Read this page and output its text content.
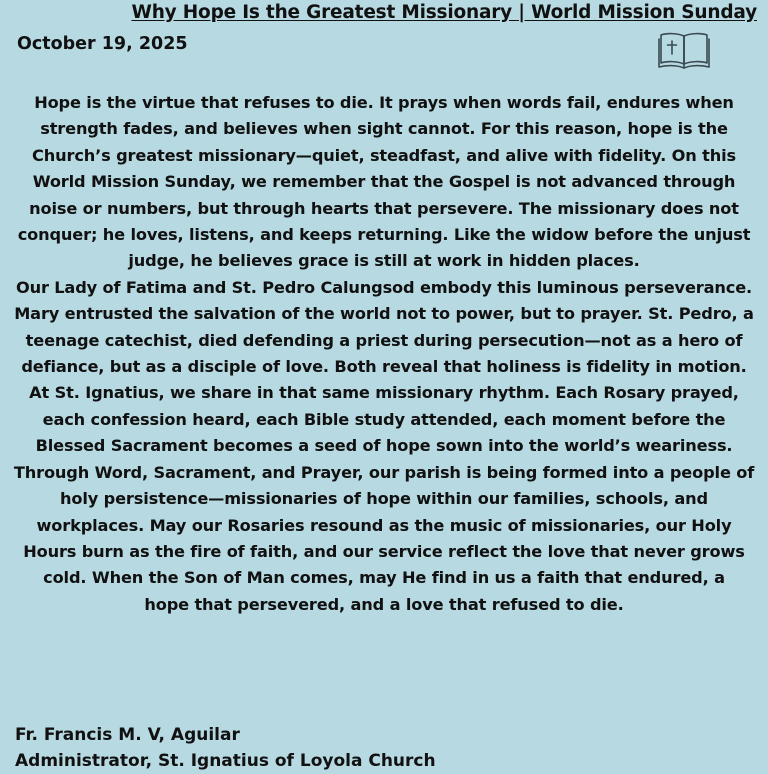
Why Hope Is the Greatest Missionary | World Mission Sunday
October 19, 2025

Hope is the virtue that refuses to die. It prays when words fail, endures when strength fades, and believes when sight cannot. For this reason, hope is the Church’s greatest missionary—quiet, steadfast, and alive with fidelity. On this World Mission Sunday, we remember that the Gospel is not advanced through noise or numbers, but through hearts that persevere. The missionary does not conquer; he loves, listens, and keeps returning. Like the widow before the unjust judge, he believes grace is still at work in hidden places.

Our Lady of Fatima and St. Pedro Calungsod embody this luminous perseverance. Mary entrusted the salvation of the world not to power, but to prayer. St. Pedro, a teenage catechist, died defending a priest during persecution—not as a hero of defiance, but as a disciple of love. Both reveal that holiness is fidelity in motion.

At St. Ignatius, we share in that same missionary rhythm. Each Rosary prayed, each confession heard, each Bible study attended, each moment before the Blessed Sacrament becomes a seed of hope sown into the world’s weariness. Through Word, Sacrament, and Prayer, our parish is being formed into a people of holy persistence—missionaries of hope within our families, schools, and workplaces. May our Rosaries resound as the music of missionaries, our Holy Hours burn as the fire of faith, and our service reflect the love that never grows cold. When the Son of Man comes, may He find in us a faith that endured, a

hope that persevered, and a love that refused to die.

Fr. Francis M. V, Aguilar
Administrator, St. Ignatius of Loyola Church
